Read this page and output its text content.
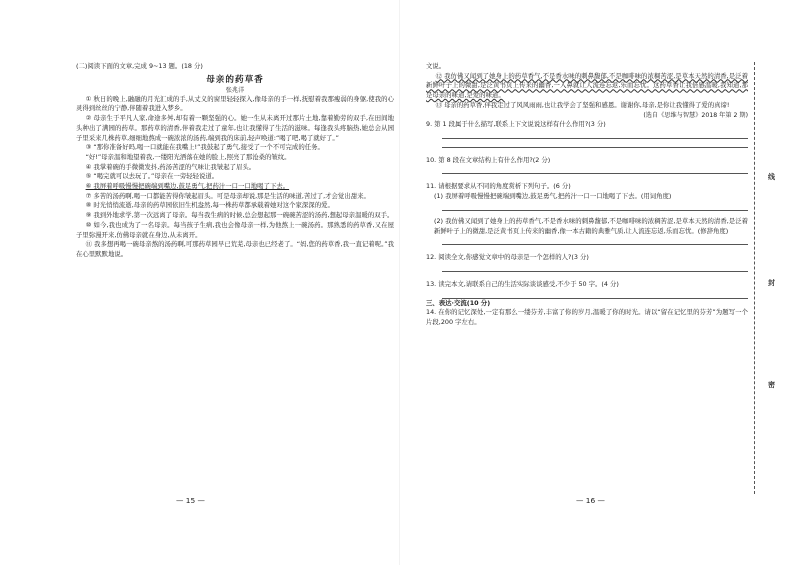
(二)阅读下面的文章,完成 9~13 题。(18 分)

母亲的药草香
张兆洋

① 秋日的晚上,融融的月光汇成的手,从丈义的窗里轻轻探入,像母亲的手一样,抚慰着我那瘦弱的身躯,使我的心灵得到丝丝的宁静,伴随着我进入梦乡。

② 母亲生于平凡人家,命途多舛,却有着一颗坚强的心。她一生从未离开过那片土地,靠着勤劳的双手,在田间地头种出了满园的药草。那药草的清香,伴着我走过了童年,也让我懂得了生活的滋味。每逢我头疼脑热,她总会从园子里采来几株药草,细细地熬成一碗浓浓的汤药,端到我的床前,轻声唤道:“喝了吧,喝了就好了。”

③ “那你准备好吗,喝一口就能在我嘴上!”我鼓起了勇气,接受了一个不可完成的任务。

“好!”母亲温和地望着我,一缕阳光洒落在她的脸上,照亮了那沧桑的皱纹。

④ 我掌着碗的手微微发抖,药汤苦涩的气味让我皱起了眉头。

⑤ “喝完就可以去玩了。”母亲在一旁轻轻说道。

⑥ 我屏着呼吸慢慢把碗端到嘴边,鼓足勇气,把药汁一口一口地喝了下去。

⑦ 多苦的汤药啊,喝一口都能苦得你皱起眉头。可是母亲却说,那是生活的味道,苦过了,才会觉出甜来。

⑧ 时光悄悄流逝,母亲的药草园依旧生机盎然,每一株药草都承载着她对这个家深深的爱。

⑨ 我到外地求学,第一次远离了母亲。每当我生病的时候,总会想起那一碗碗苦涩的汤药,想起母亲温暖的双手。

⑩ 如今,我也成为了一名母亲。每当孩子生病,我也会像母亲一样,为他熬上一碗汤药。那熟悉的药草香,又在屋子里弥漫开来,仿佛母亲就在身边,从未离开。

⑪ 我多想再喝一碗母亲熬的汤药啊,可那药草园早已荒芜,母亲也已经老了。“妈,您的药草香,我一直记着呢。”我在心里默默地说。

— 15 —

文说。

⑫ 我仿佛又闻到了她身上的药草香气,不是香水味的刺鼻馥郁,不是咖啡味的浓稠苦涩,是草本天然的清香,是泛着新鲜叶子上的微甜,是泛黄书页上传来的幽香,一入鼻就让人流连忘返,乐而忘忧。这药草香让我倍感温暖,我知道,那是母亲的味道,是爱的味道。

⑬ 母亲的药草香,伴我走过了风风雨雨,也让我学会了坚强和感恩。谢谢你,母亲,是你让我懂得了爱的真谛!

(选自《思维与智慧》2018 年第 2 期)

9. 第 1 段属于什么描写,联系上下文说说这样有什么作用?(3 分)

10. 第 8 段在文章结构上有什么作用?(2 分)

11. 请根据要求从不同的角度赏析下列句子。(6 分)

(1) 我屏着呼吸慢慢把碗端到嘴边,鼓足勇气,把药汁一口一口地喝了下去。(用词角度)

(2) 我仿佛又闻到了她身上的药草香气,不是香水味的刺鼻馥郁,不是咖啡味的浓稠苦涩,是草本天然的清香,是泛着新鲜叶子上的微甜,是泛黄书页上传来的幽香,像一本古籍的典雅气质,让人流连忘返,乐而忘忧。(修辞角度)

12. 阅读全文,你感觉文章中的母亲是一个怎样的人?(3 分)

13. 读完本文,请联系自己的生活实际谈谈感受,不少于 50 字。(4 分)

三、表达·交流(10 分)

14. 在你的记忆深处,一定有那么一缕芬芳,丰富了你的岁月,温暖了你的时光。请以“留在记忆里的芬芳”为题写一个片段,200 字左右。

— 16 —
线
封
密
